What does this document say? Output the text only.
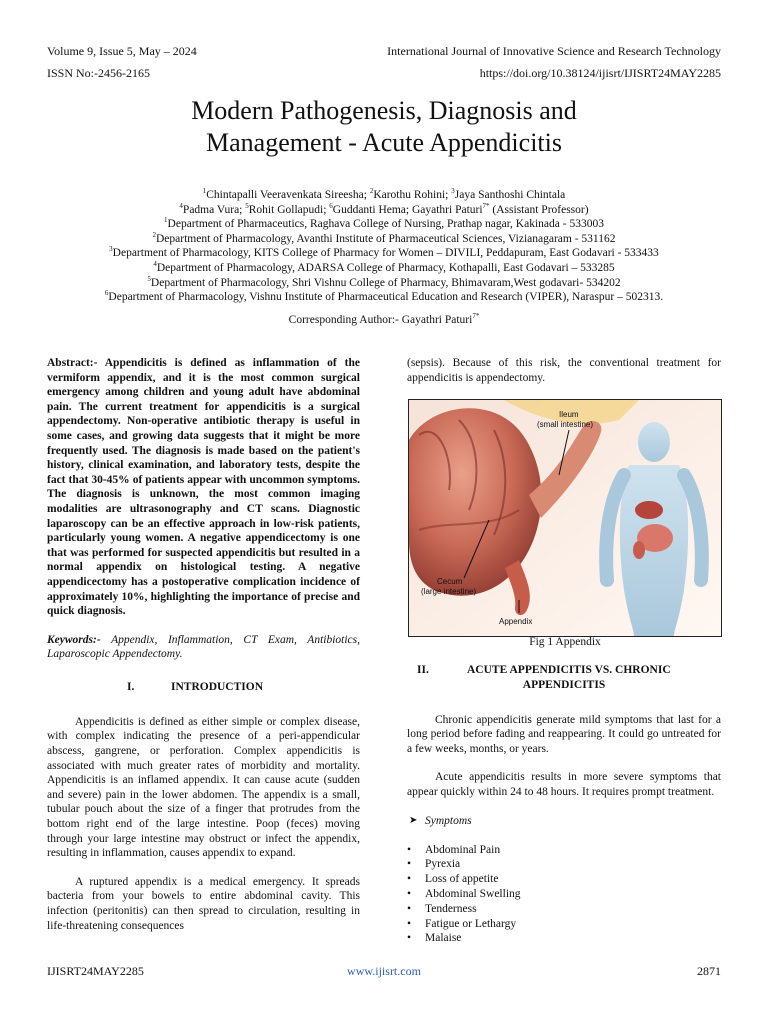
Volume 9, Issue 5, May – 2024	International Journal of Innovative Science and Research Technology
ISSN No:-2456-2165	https://doi.org/10.38124/ijisrt/IJISRT24MAY2285
Modern Pathogenesis, Diagnosis and
Management - Acute Appendicitis
$^1$Chintapalli Veeravenkata Sireesha; $^2$Karothu Rohini; $^3$Jaya Santhoshi Chintala
$^4$Padma Vura; $^5$Rohit Gollapudi; $^6$Guddanti Hema; Gayathri Paturi$^{7*}$ (Assistant Professor)
$^1$Department of Pharmaceutics, Raghava College of Nursing, Prathap nagar, Kakinada - 533003
$^2$Department of Pharmacology, Avanthi Institute of Pharmaceutical Sciences, Vizianagaram - 531162
$^3$Department of Pharmacology, KITS College of Pharmacy for Women – DIVILI, Peddapuram, East Godavari - 533433
$^4$Department of Pharmacology, ADARSA College of Pharmacy, Kothapalli, East Godavari – 533285
$^5$Department of Pharmacology, Shri Vishnu College of Pharmacy, Bhimavaram,West godavari- 534202
$^6$Department of Pharmacology, Vishnu Institute of Pharmaceutical Education and Research (VIPER), Naraspur – 502313.
Corresponding Author:- Gayathri Paturi$^{7*}$

Abstract:- Appendicitis is defined as inflammation of the vermiform appendix, and it is the most common surgical emergency among children and young adult have abdominal pain. The current treatment for appendicitis is a surgical appendectomy. Non-operative antibiotic therapy is useful in some cases, and growing data suggests that it might be more frequently used. The diagnosis is made based on the patient's history, clinical examination, and laboratory tests, despite the fact that 30-45% of patients appear with uncommon symptoms. The diagnosis is unknown, the most common imaging modalities are ultrasonography and CT scans. Diagnostic laparoscopy can be an effective approach in low-risk patients, particularly young women. A negative appendicectomy is one that was performed for suspected appendicitis but resulted in a normal appendix on histological testing. A negative appendicectomy has a postoperative complication incidence of approximately 10%, highlighting the importance of precise and quick diagnosis.

Keywords:- Appendix, Inflammation, CT Exam, Antibiotics, Laparoscopic Appendectomy.

I.	INTRODUCTION

Appendicitis is defined as either simple or complex disease, with complex indicating the presence of a peri-appendicular abscess, gangrene, or perforation. Complex appendicitis is associated with much greater rates of morbidity and mortality. Appendicitis is an inflamed appendix. It can cause acute (sudden and severe) pain in the lower abdomen. The appendix is a small, tubular pouch about the size of a finger that protrudes from the bottom right end of the large intestine. Poop (feces) moving through your large intestine may obstruct or infect the appendix, resulting in inflammation, causes appendix to expand.

A ruptured appendix is a medical emergency. It spreads bacteria from your bowels to entire abdominal cavity. This infection (peritonitis) can then spread to circulation, resulting in life-threatening consequences

(sepsis). Because of this risk, the conventional treatment for appendicitis is appendectomy.

Ileum
(small intestine)
Cecum
(large intestine)
Appendix
Fig 1 Appendix
II.	ACUTE APPENDICITIS VS. CHRONIC
APPENDICITIS

Chronic appendicitis generate mild symptoms that last for a long period before fading and reappearing. It could go untreated for a few weeks, months, or years.

Acute appendicitis results in more severe symptoms that appear quickly within 24 to 48 hours. It requires prompt treatment.

➤ Symptoms
• Abdominal Pain
• Pyrexia
• Loss of appetite
• Abdominal Swelling
• Tenderness
• Fatigue or Lethargy
• Malaise
IJISRT24MAY2285	www.ijisrt.com	2871
